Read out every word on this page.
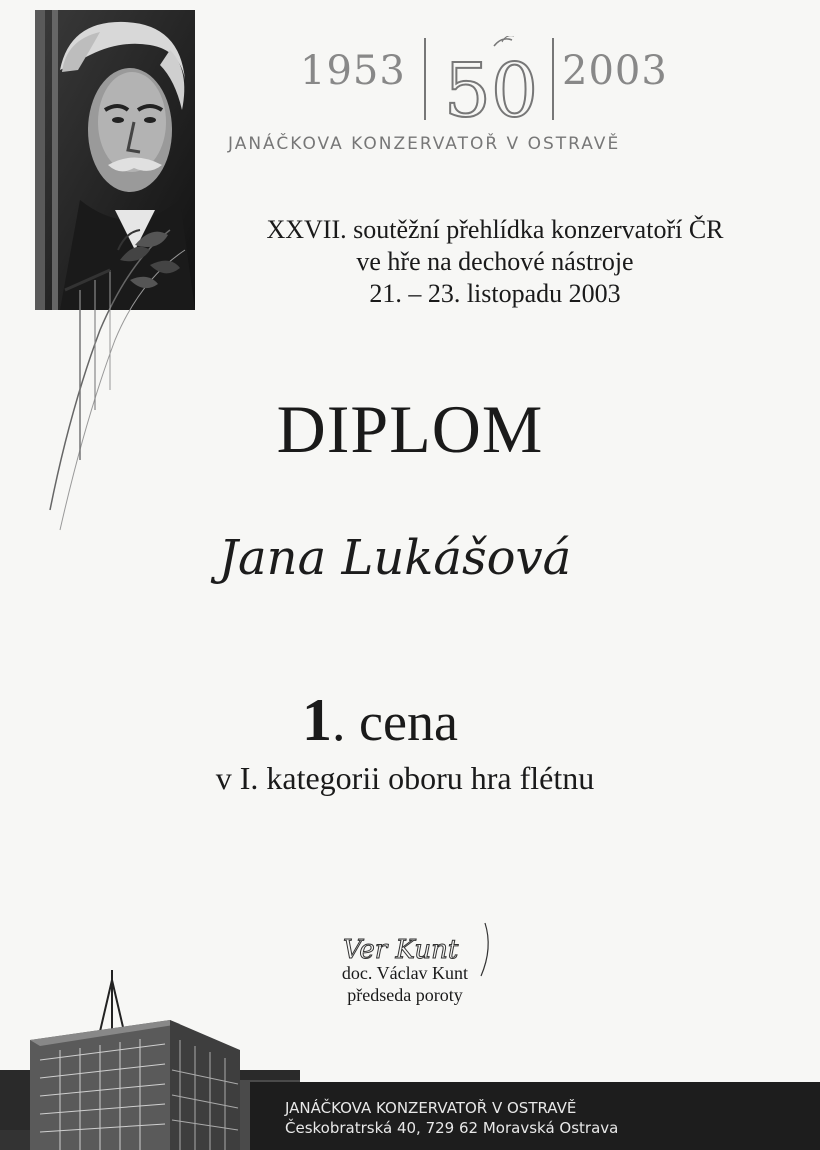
1953 50 2003
JANÁČKOVA KONZERVATOŘ V OSTRAVĚ
XXVII. soutěžní přehlídka konzervatoří ČR
ve hře na dechové nástroje
21. – 23. listopadu 2003
DIPLOM
Jana Lukášová
1. cena
v I. kategorii oboru hra flétnu
Ver Kunt
doc. Václav Kunt
předseda poroty
JANÁČKOVA KONZERVATOŘ V OSTRAVĚ
Českobratrská 40, 729 62 Moravská Ostrava
